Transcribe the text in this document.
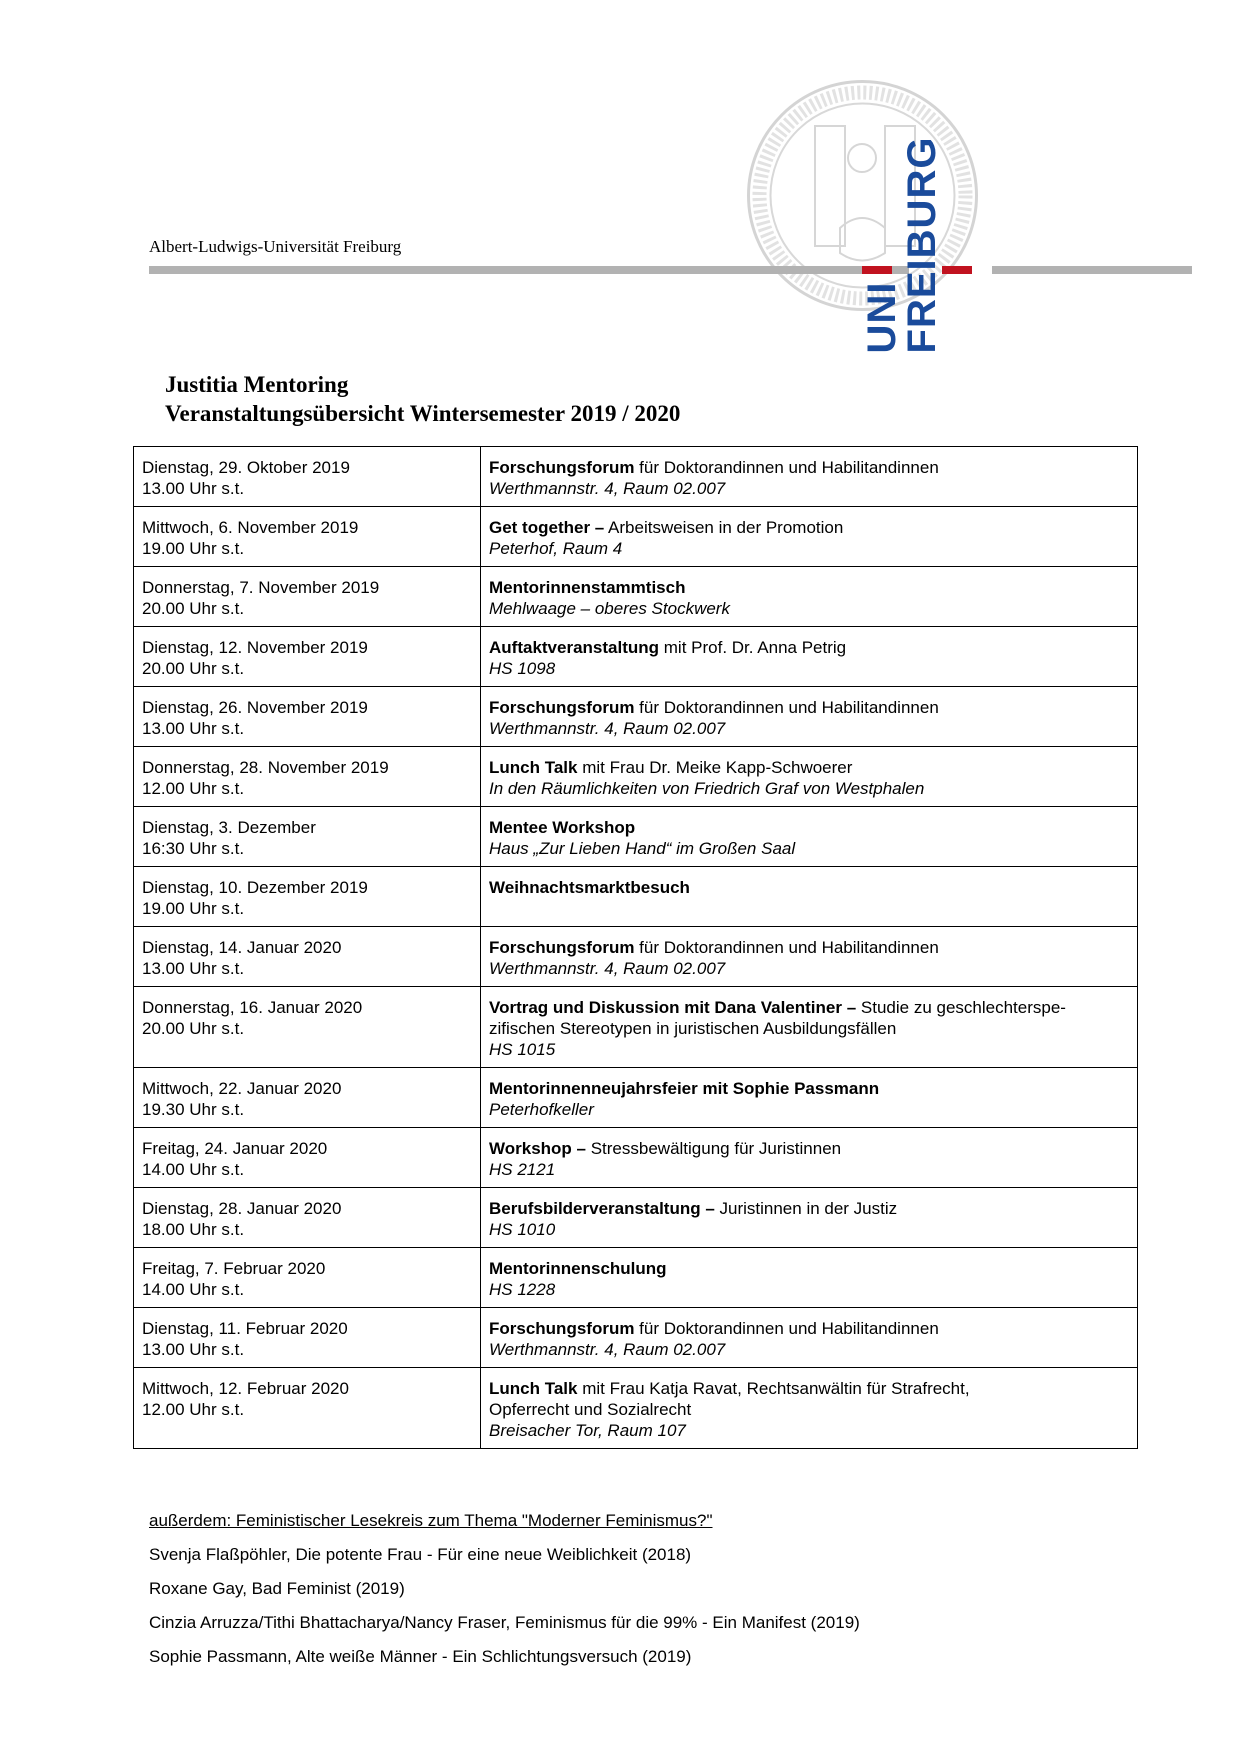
Albert-Ludwigs-Universität Freiburg
UNI
FREIBURG
Justitia Mentoring
Veranstaltungsübersicht Wintersemester 2019 / 2020
Dienstag, 29. Oktober 2019
13.00 Uhr s.t.	Forschungsforum für Doktorandinnen und Habilitandinnen
Werthmannstr. 4, Raum 02.007

Mittwoch, 6. November 2019
19.00 Uhr s.t.	Get together – Arbeitsweisen in der Promotion
Peterhof, Raum 4

Donnerstag, 7. November 2019
20.00 Uhr s.t.	Mentorinnenstammtisch
Mehlwaage – oberes Stockwerk

Dienstag, 12. November 2019
20.00 Uhr s.t.	Auftaktveranstaltung mit Prof. Dr. Anna Petrig
HS 1098

Dienstag, 26. November 2019
13.00 Uhr s.t.	Forschungsforum für Doktorandinnen und Habilitandinnen
Werthmannstr. 4, Raum 02.007

Donnerstag, 28. November 2019
12.00 Uhr s.t.	Lunch Talk mit Frau Dr. Meike Kapp-Schwoerer
In den Räumlichkeiten von Friedrich Graf von Westphalen

Dienstag, 3. Dezember
16:30 Uhr s.t.	Mentee Workshop
Haus „Zur Lieben Hand“ im Großen Saal

Dienstag, 10. Dezember 2019
19.00 Uhr s.t.	Weihnachtsmarktbesuch

Dienstag, 14. Januar 2020
13.00 Uhr s.t.	Forschungsforum für Doktorandinnen und Habilitandinnen
Werthmannstr. 4, Raum 02.007

Donnerstag, 16. Januar 2020
20.00 Uhr s.t.	Vortrag und Diskussion mit Dana Valentiner – Studie zu geschlechterspe-
zifischen Stereotypen in juristischen Ausbildungsfällen
HS 1015

Mittwoch, 22. Januar 2020
19.30 Uhr s.t.	Mentorinnenneujahrsfeier mit Sophie Passmann
Peterhofkeller

Freitag, 24. Januar 2020
14.00 Uhr s.t.	Workshop – Stressbewältigung für Juristinnen
HS 2121

Dienstag, 28. Januar 2020
18.00 Uhr s.t.	Berufsbilderveranstaltung – Juristinnen in der Justiz
HS 1010

Freitag, 7. Februar 2020
14.00 Uhr s.t.	Mentorinnenschulung
HS 1228

Dienstag, 11. Februar 2020
13.00 Uhr s.t.	Forschungsforum für Doktorandinnen und Habilitandinnen
Werthmannstr. 4, Raum 02.007

Mittwoch, 12. Februar 2020
12.00 Uhr s.t.	Lunch Talk mit Frau Katja Ravat, Rechtsanwältin für Strafrecht,
Opferrecht und Sozialrecht
Breisacher Tor, Raum 107
außerdem: Feministischer Lesekreis zum Thema "Moderner Feminismus?"
Svenja Flaßpöhler, Die potente Frau - Für eine neue Weiblichkeit (2018)
Roxane Gay, Bad Feminist (2019)
Cinzia Arruzza/Tithi Bhattacharya/Nancy Fraser, Feminismus für die 99% - Ein Manifest (2019)
Sophie Passmann, Alte weiße Männer - Ein Schlichtungsversuch (2019)
